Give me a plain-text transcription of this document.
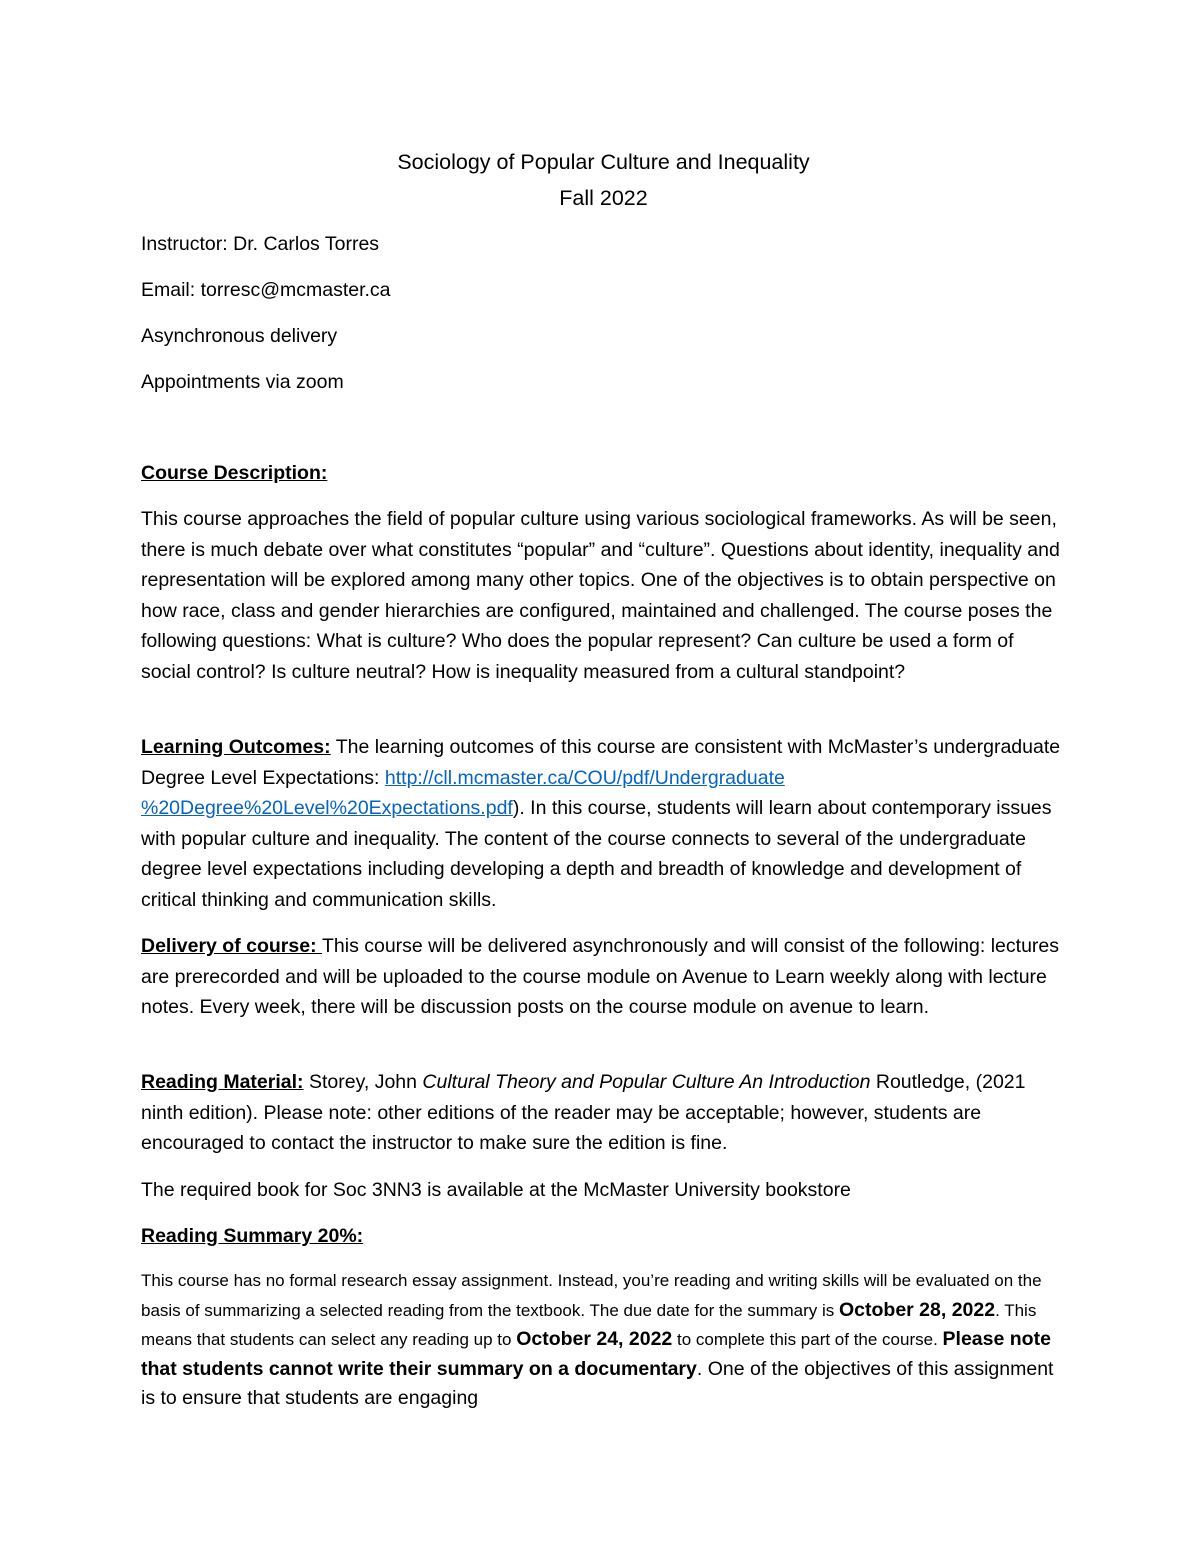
Sociology of Popular Culture and Inequality
Fall 2022
Instructor: Dr. Carlos Torres
Email: torresc@mcmaster.ca
Asynchronous delivery
Appointments via zoom

Course Description:

This course approaches the field of popular culture using various sociological frameworks. As will be seen, there is much debate over what constitutes “popular” and “culture”. Questions about identity, inequality and representation will be explored among many other topics. One of the objectives is to obtain perspective on how race, class and gender hierarchies are configured, maintained and challenged. The course poses the following questions: What is culture? Who does the popular represent? Can culture be used a form of social control? Is culture neutral? How is inequality measured from a cultural standpoint?

Learning Outcomes: The learning outcomes of this course are consistent with McMaster’s undergraduate Degree Level Expectations: http://cll.mcmaster.ca/COU/pdf/Undergraduate
%20Degree%20Level%20Expectations.pdf). In this course, students will learn about contemporary issues with popular culture and inequality. The content of the course connects to several of the undergraduate degree level expectations including developing a depth and breadth of knowledge and development of critical thinking and communication skills.

Delivery of course: This course will be delivered asynchronously and will consist of the following: lectures are prerecorded and will be uploaded to the course module on Avenue to Learn weekly along with lecture notes. Every week, there will be discussion posts on the course module on avenue to learn.

Reading Material: Storey, John Cultural Theory and Popular Culture An Introduction Routledge, (2021 ninth edition). Please note: other editions of the reader may be acceptable; however, students are encouraged to contact the instructor to make sure the edition is fine.

The required book for Soc 3NN3 is available at the McMaster University bookstore

Reading Summary 20%:

This course has no formal research essay assignment. Instead, you’re reading and writing skills will be evaluated on the basis of summarizing a selected reading from the textbook. The due date for the summary is October 28, 2022. This means that students can select any reading up to October 24, 2022 to complete this part of the course. Please note that students cannot write their summary on a documentary. One of the objectives of this assignment is to ensure that students are engaging
